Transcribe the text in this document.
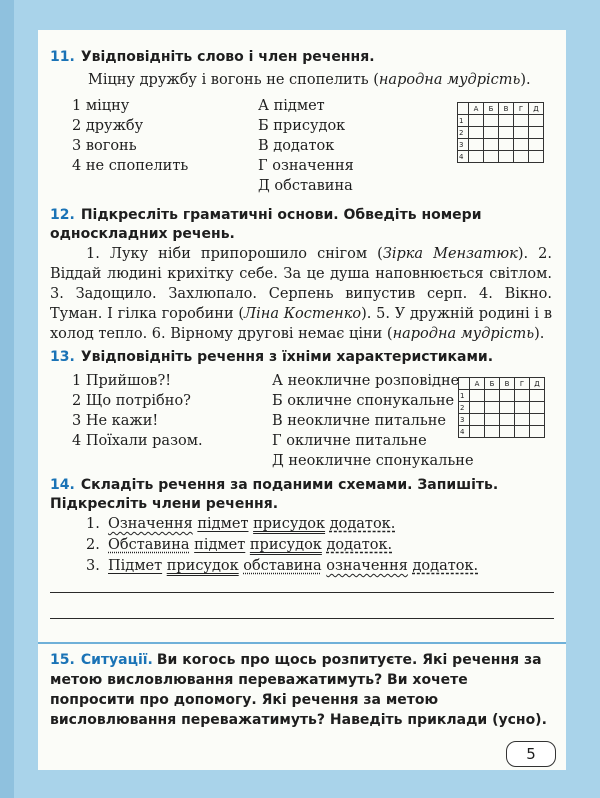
11. Увідповідніть слово і член речення.
Міцну дружбу і вогонь не спопелить (народна мудрість).
1 міцну
2 дружбу
3 вогонь
4 не спопелить
А підмет
Б присудок
В додаток
Г означення
Д обставина
	А	Б	В	Г	Д
1					
2					
3					
4					
12. Підкресліть граматичні основи. Обведіть номери односкладних речень.
1. Луку ніби припорошило снігом (Зірка Мензатюк). 2. Віддай людині крихітку себе. За це душа наповнюється світлом. 3. Задощило. Захлюпало. Серпень випустив серп. 4. Вікно. Туман. І гілка горобини (Ліна Костенко). 5. У дружній родині і в холод тепло. 6. Вірному другові немає ціни (народна мудрість).
13. Увідповідніть речення з їхніми характеристиками.
1 Прийшов?!
2 Що потрібно?
3 Не кажи!
4 Поїхали разом.
А неокличне розповідне
Б окличне спонукальне
В неокличне питальне
Г окличне питальне
Д неокличне спонукальне
	А	Б	В	Г	Д
1					
2					
3					
4					
14. Складіть речення за поданими схемами. Запишіть. Підкресліть члени речення.
1. Означення підмет присудок додаток.
2. Обставина підмет присудок додаток.
3. Підмет присудок обставина означення додаток.
15. Ситуації. Ви когось про щось розпитуєте. Які речення за метою висловлювання переважатимуть? Ви хочете попросити про допомогу. Які речення за метою висловлювання переважатимуть? Наведіть приклади (усно).
5
